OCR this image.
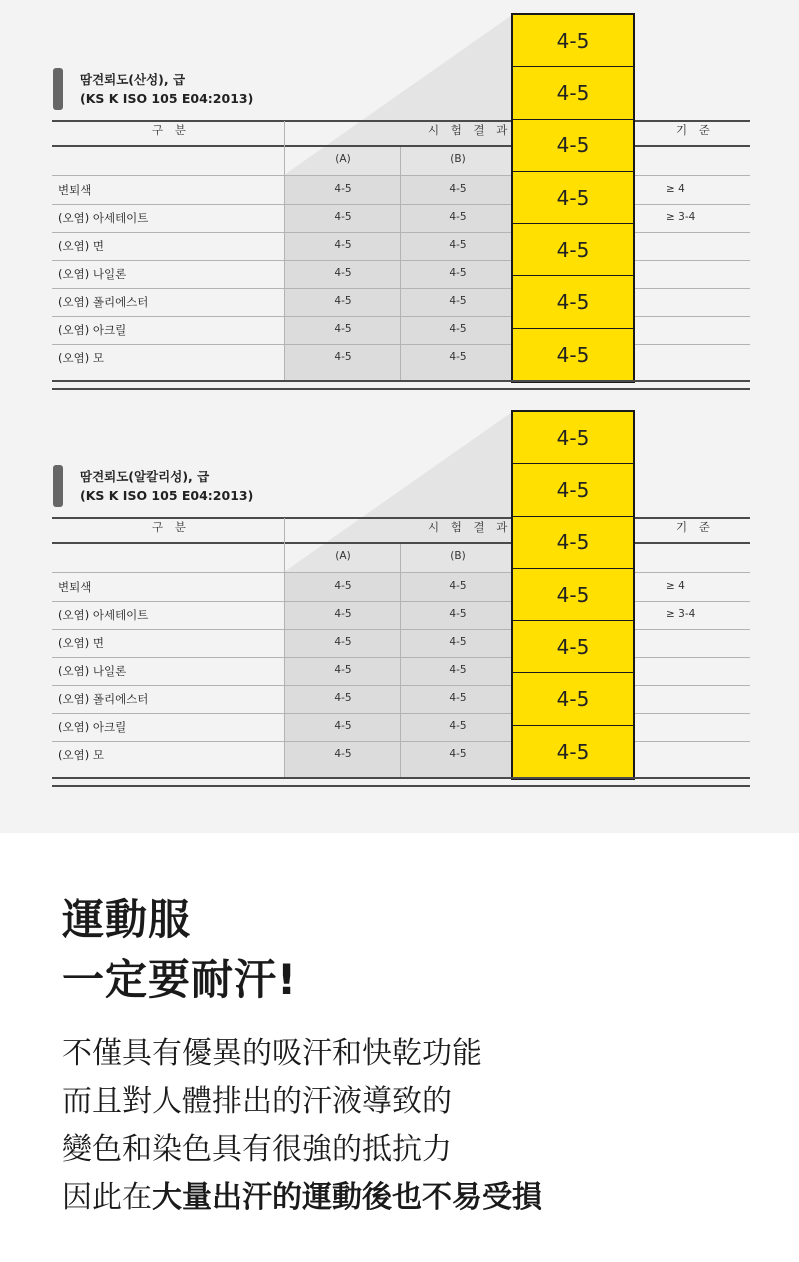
땀견뢰도(산성), 급
(KS K ISO 105 E04:2013)
구 분	시 험 결 과	기 준
(A)	(B)
변퇴색	4-5	4-5	≥ 4
(오염) 아세테이트	4-5	4-5	≥ 3-4
(오염) 면	4-5	4-5
(오염) 나일론	4-5	4-5
(오염) 폴리에스터	4-5	4-5
(오염) 아크릴	4-5	4-5
(오염) 모	4-5	4-5
4-5
4-5
4-5
4-5
4-5
4-5
4-5
땀견뢰도(알칼리성), 급
(KS K ISO 105 E04:2013)
구 분	시 험 결 과	기 준
(A)	(B)
변퇴색	4-5	4-5	≥ 4
(오염) 아세테이트	4-5	4-5	≥ 3-4
(오염) 면	4-5	4-5
(오염) 나일론	4-5	4-5
(오염) 폴리에스터	4-5	4-5
(오염) 아크릴	4-5	4-5
(오염) 모	4-5	4-5
4-5
4-5
4-5
4-5
4-5
4-5
4-5
運動服
一定要耐汗!
不僅具有優異的吸汗和快乾功能
而且對人體排出的汗液導致的
變色和染色具有很強的抵抗力
因此在大量出汗的運動後也不易受損
